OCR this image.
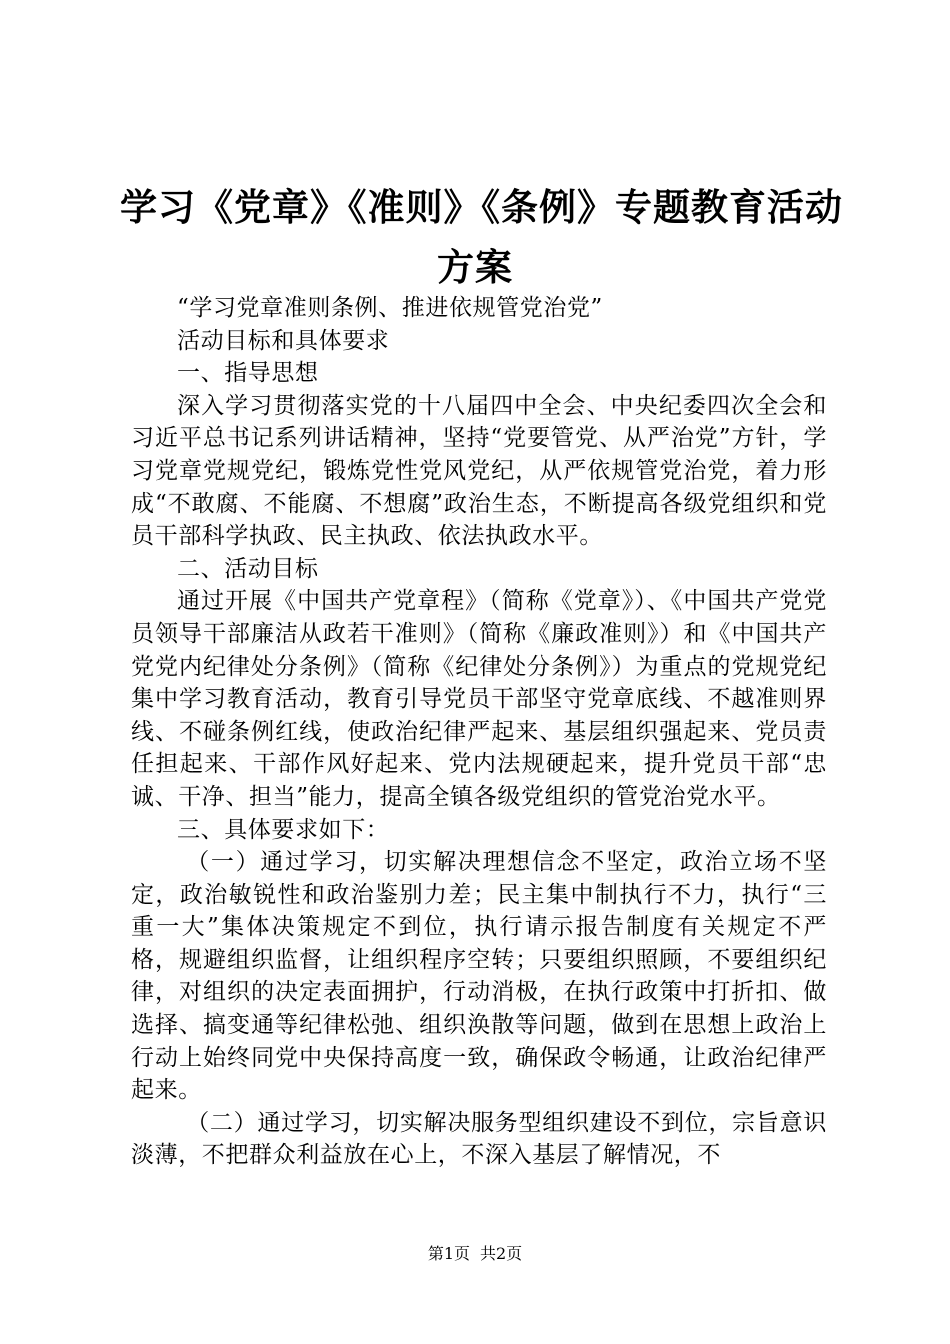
学习《党章》《准则》《条例》专题教育活动
方案

“学习党章准则条例、推进依规管党治党”

活动目标和具体要求

一、指导思想

深入学习贯彻落实党的十八届四中全会、中央纪委四次全会和习近平总书记系列讲话精神，坚持“党要管党、从严治党”方针，学习党章党规党纪，锻炼党性党风党纪，从严依规管党治党，着力形成“不敢腐、不能腐、不想腐”政治生态，不断提高各级党组织和党员干部科学执政、民主执政、依法执政水平。

二、活动目标

通过开展《中国共产党章程》（简称《党章》）、《中国共产党党员领导干部廉洁从政若干准则》（简称《廉政准则》）和《中国共产党党内纪律处分条例》（简称《纪律处分条例》）为重点的党规党纪集中学习教育活动，教育引导党员干部坚守党章底线、不越准则界线、不碰条例红线，使政治纪律严起来、基层组织强起来、党员责任担起来、干部作风好起来、党内法规硬起来，提升党员干部“忠诚、干净、担当”能力，提高全镇各级党组织的管党治党水平。

三、具体要求如下：

（一）通过学习，切实解决理想信念不坚定，政治立场不坚定，政治敏锐性和政治鉴别力差；民主集中制执行不力，执行“三重一大”集体决策规定不到位，执行请示报告制度有关规定不严格，规避组织监督，让组织程序空转；只要组织照顾，不要组织纪律，对组织的决定表面拥护，行动消极，在执行政策中打折扣、做选择、搞变通等纪律松弛、组织涣散等问题，做到在思想上政治上行动上始终同党中央保持高度一致，确保政令畅通，让政治纪律严起来。

（二）通过学习，切实解决服务型组织建设不到位，宗旨意识淡薄，不把群众利益放在心上，不深入基层了解情况，不

第1页 共2页
